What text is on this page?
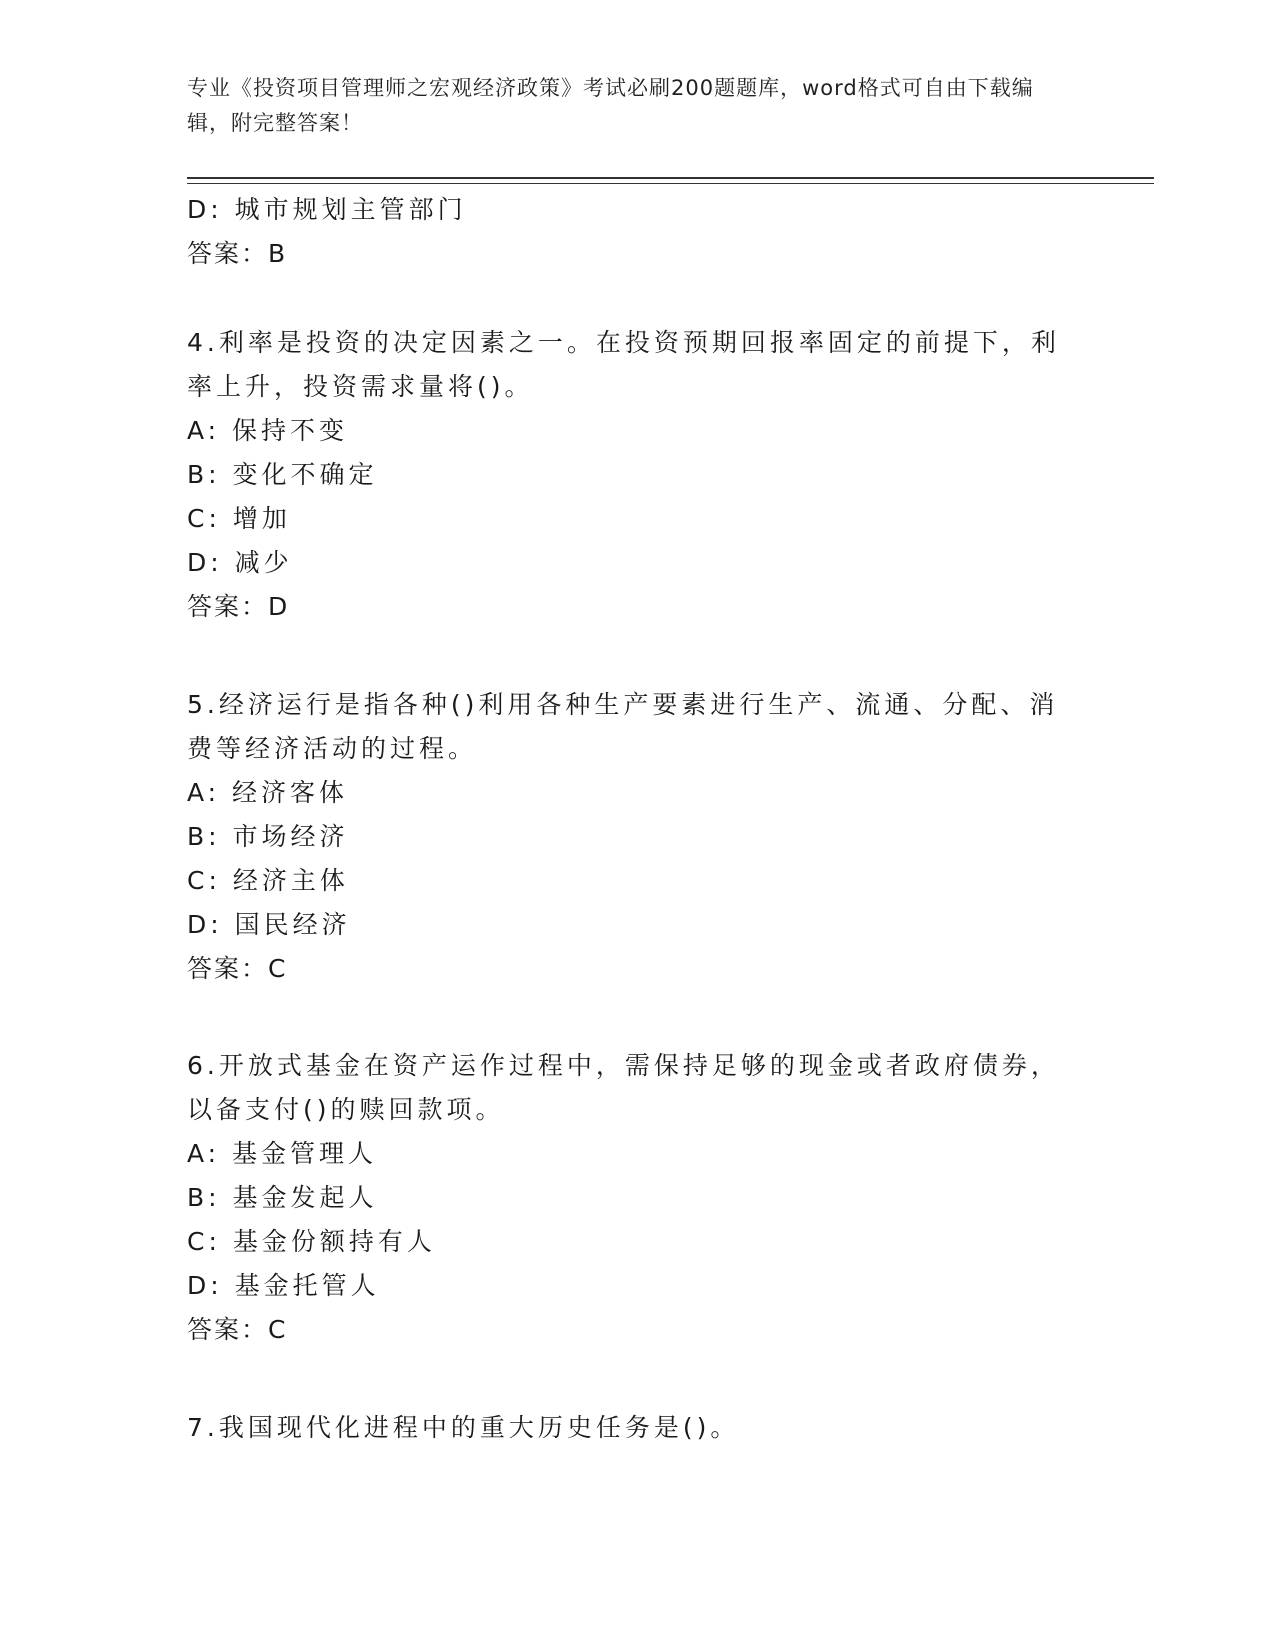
专业《投资项目管理师之宏观经济政策》考试必刷200题题库，word格式可自由下载编辑，附完整答案！
D: 城市规划主管部门
答案：B
4.利率是投资的决定因素之一。在投资预期回报率固定的前提下，利
率上升，投资需求量将()。
A: 保持不变
B: 变化不确定
C: 增加
D: 减少
答案：D
5.经济运行是指各种()利用各种生产要素进行生产、流通、分配、消
费等经济活动的过程。
A: 经济客体
B: 市场经济
C: 经济主体
D: 国民经济
答案：C
6.开放式基金在资产运作过程中，需保持足够的现金或者政府债券，
以备支付()的赎回款项。
A: 基金管理人
B: 基金发起人
C: 基金份额持有人
D: 基金托管人
答案：C
7.我国现代化进程中的重大历史任务是()。
